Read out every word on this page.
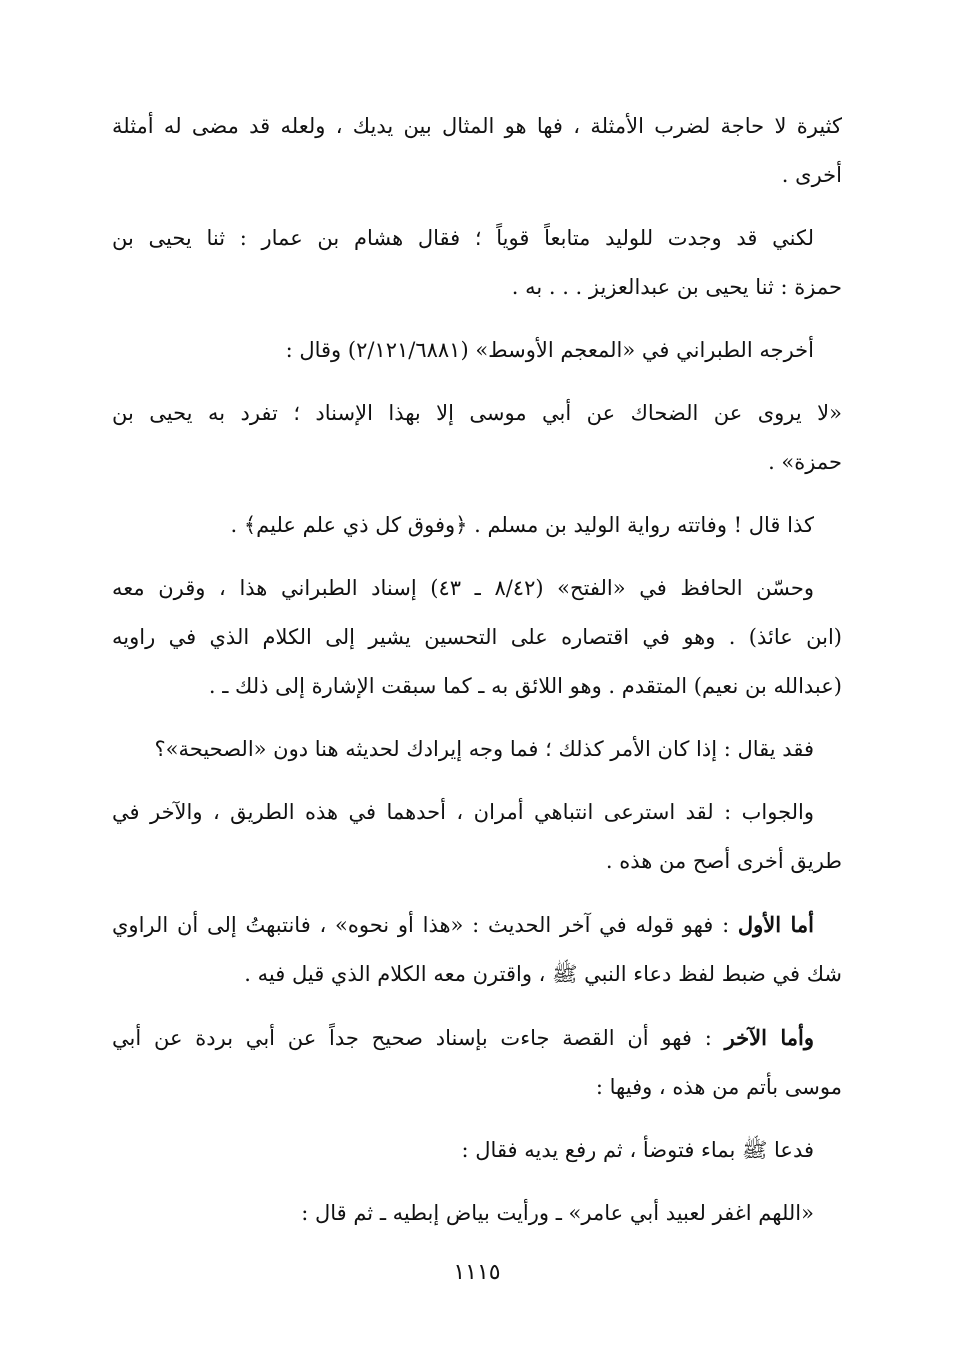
كثيرة لا حاجة لضرب الأمثلة ، فها هو المثال بين يديك ، ولعله قد مضى له أمثلة
أخرى .
لكني قد وجدت للوليد متابعاً قوياً ؛ فقال هشام بن عمار : ثنا يحيى بن
حمزة : ثنا يحيى بن عبدالعزيز . . . به .
أخرجه الطبراني في «المعجم الأوسط» (٢/١٢١/٦٨٨١) وقال :
«لا يروى عن الضحاك عن أبي موسى إلا بهذا الإسناد ؛ تفرد به يحيى بن
حمزة» .
كذا قال ! وفاتته رواية الوليد بن مسلم . ﴿وفوق كل ذي علم عليم﴾ .
وحسّن الحافظ في «الفتح» (٨/٤٢ ـ ٤٣) إسناد الطبراني هذا ، وقرن معه
(ابن عائذ) . وهو في اقتصاره على التحسين يشير إلى الكلام الذي في راويه
(عبدالله بن نعيم) المتقدم . وهو اللائق به ـ كما سبقت الإشارة إلى ذلك ـ .
فقد يقال : إذا كان الأمر كذلك ؛ فما وجه إيرادك لحديثه هنا دون «الصحيحة»؟
والجواب : لقد استرعى انتباهي أمران ، أحدهما في هذه الطريق ، والآخر في
طريق أخرى أصح من هذه .
أما الأول : فهو قوله في آخر الحديث : «هذا أو نحوه» ، فانتبهتُ إلى أن الراوي
شك في ضبط لفظ دعاء النبي ﷺ ، واقترن معه الكلام الذي قيل فيه .
وأما الآخر : فهو أن القصة جاءت بإسناد صحيح جداً عن أبي بردة عن أبي
موسى بأتم من هذه ، وفيها :
فدعا ﷺ بماء فتوضأ ، ثم رفع يديه فقال :
«اللهم اغفر لعبيد أبي عامر» ـ ورأيت بياض إبطيه ـ ثم قال :
١١١٥
